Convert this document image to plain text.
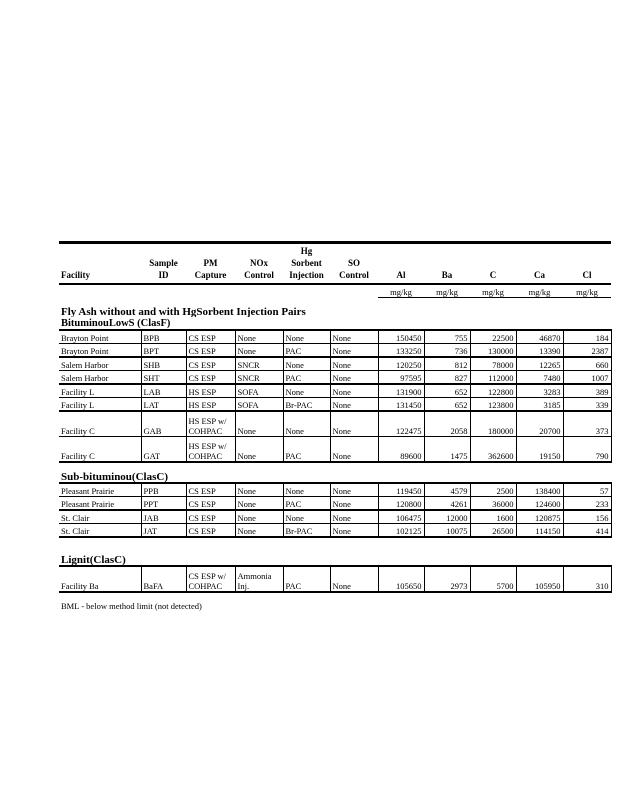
				Hg						
	Sample	PM	NOx	Sorbent	SO					
Facility	ID	Capture	Control	Injection	Control	Al	Ba	C	Ca	Cl
						mg/kg	mg/kg	mg/kg	mg/kg	mg/kg
Fly Ash without and with HgSorbent Injection Pairs										
BituminouLowS (ClasF)										
Brayton Point	BPB	CS ESP	None	None	None	150450	755	22500	46870	184
Brayton Point	BPT	CS ESP	None	PAC	None	133250	736	130000	13390	2387
Salem Harbor	SHB	CS ESP	SNCR	None	None	120250	812	78000	12265	660
Salem Harbor	SHT	CS ESP	SNCR	PAC	None	97595	827	112000	7480	1007
Facility L	LAB	HS ESP	SOFA	None	None	131900	652	122800	3283	389
Facility L	LAT	HS ESP	SOFA	Br-PAC	None	131450	652	123800	3185	339
Facility C	GAB	HS ESP w/
COHPAC	None	None	None	122475	2058	180000	20700	373
Facility C	GAT	HS ESP w/
COHPAC	None	PAC	None	89600	1475	362600	19150	790
Sub-bituminou(ClasC)										
Pleasant Prairie	PPB	CS ESP	None	None	None	119450	4579	2500	138400	57
Pleasant Prairie	PPT	CS ESP	None	PAC	None	120800	4261	36000	124600	233
St. Clair	JAB	CS ESP	None	None	None	106475	12000	1600	120875	156
St. Clair	JAT	CS ESP	None	Br-PAC	None	102125	10075	26500	114150	414

Lignit(ClasC)										
Facility Ba	BaFA	CS ESP w/
COHPAC	Ammonia
Inj.	PAC	None	105650	2973	5700	105950	310
BML - below method limit (not detected)
